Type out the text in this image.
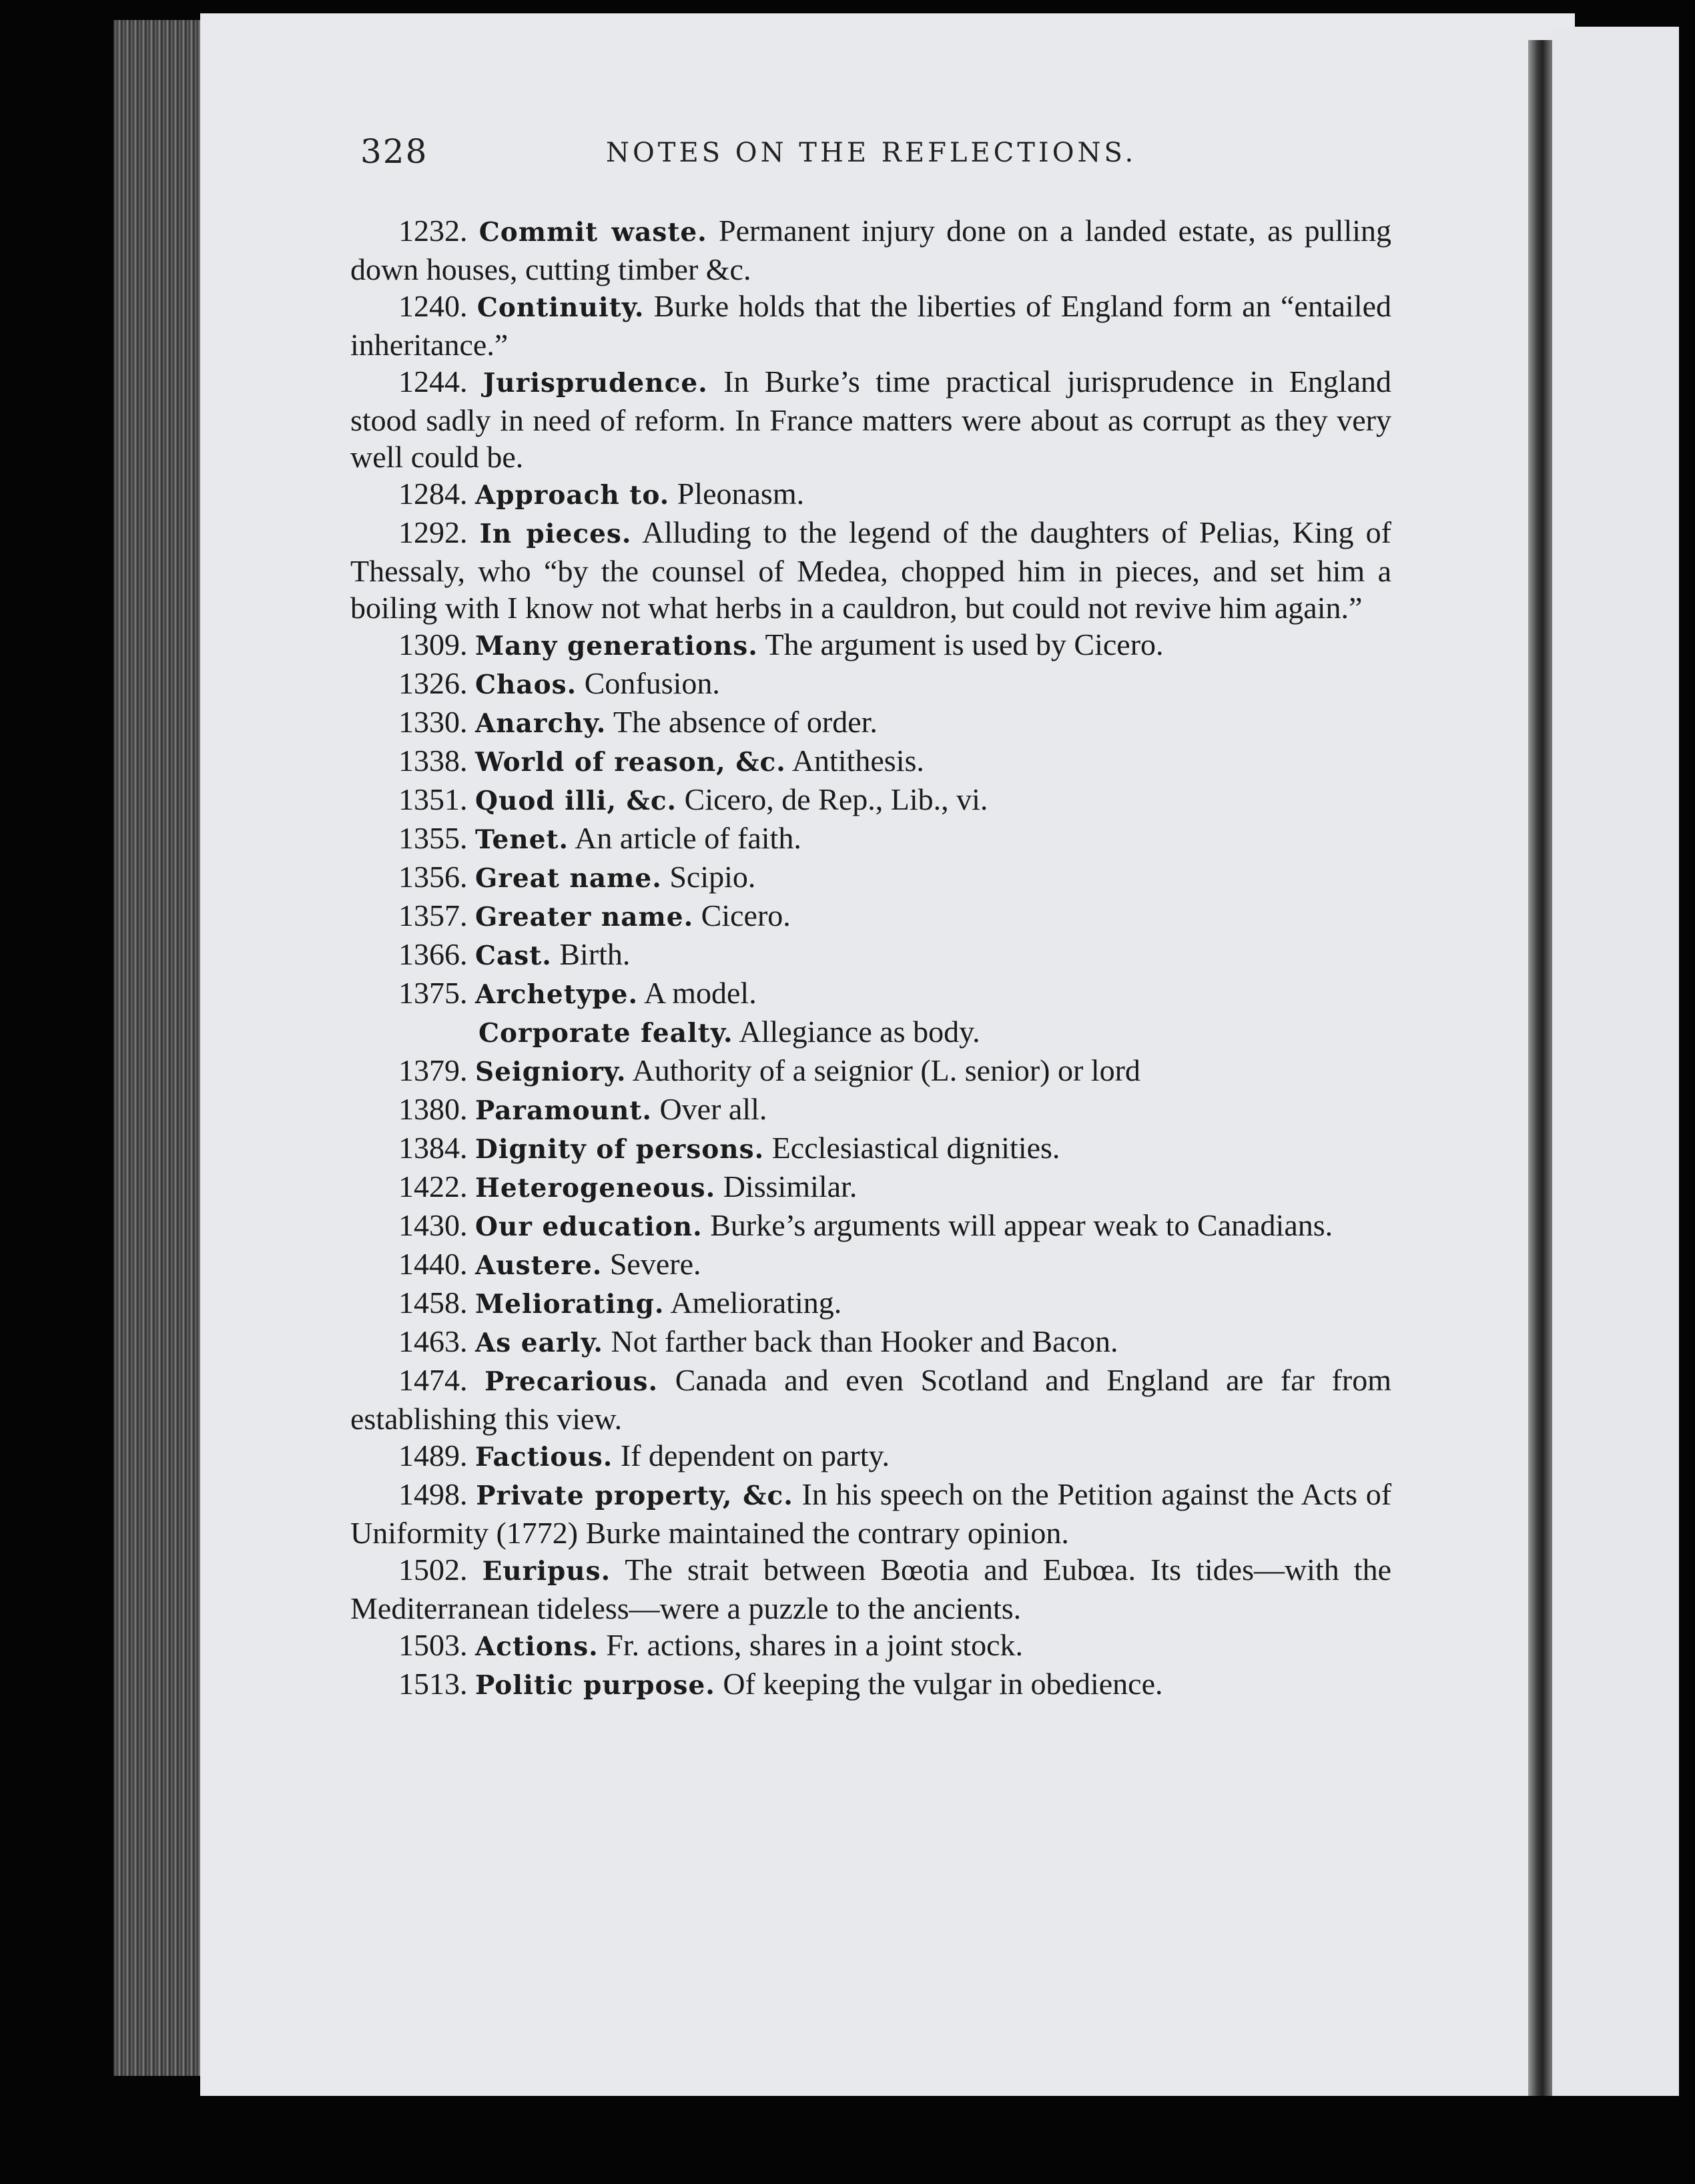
328	NOTES ON THE REFLECTIONS.

1232. Commit waste. Permanent injury done on a landed estate, as pulling down houses, cutting timber &c.

1240. Continuity. Burke holds that the liberties of England form an “entailed inheritance.”

1244. Jurisprudence. In Burke’s time practical jurisprudence in England stood sadly in need of reform. In France matters were about as corrupt as they very well could be.

1284. Approach to. Pleonasm.

1292. In pieces. Alluding to the legend of the daughters of Pelias, King of Thessaly, who “by the counsel of Medea, chopped him in pieces, and set him a boiling with I know not what herbs in a cauldron, but could not revive him again.”

1309. Many generations. The argument is used by Cicero.

1326. Chaos. Confusion.

1330. Anarchy. The absence of order.

1338. World of reason, &c. Antithesis.

1351. Quod illi, &c. Cicero, de Rep., Lib., vi.

1355. Tenet. An article of faith.

1356. Great name. Scipio.

1357. Greater name. Cicero.

1366. Cast. Birth.

1375. Archetype. A model.

Corporate fealty. Allegiance as body.

1379. Seigniory. Authority of a seignior (L. senior) or lord

1380. Paramount. Over all.

1384. Dignity of persons. Ecclesiastical dignities.

1422. Heterogeneous. Dissimilar.

1430. Our education. Burke’s arguments will appear weak to Canadians.

1440. Austere. Severe.

1458. Meliorating. Ameliorating.

1463. As early. Not farther back than Hooker and Bacon.

1474. Precarious. Canada and even Scotland and England are far from establishing this view.

1489. Factious. If dependent on party.

1498. Private property, &c. In his speech on the Petition against the Acts of Uniformity (1772) Burke maintained the contrary opinion.

1502. Euripus. The strait between Bœotia and Eubœa. Its tides—with the Mediterranean tideless—were a puzzle to the ancients.

1503. Actions. Fr. actions, shares in a joint stock.

1513. Politic purpose. Of keeping the vulgar in obedience.
